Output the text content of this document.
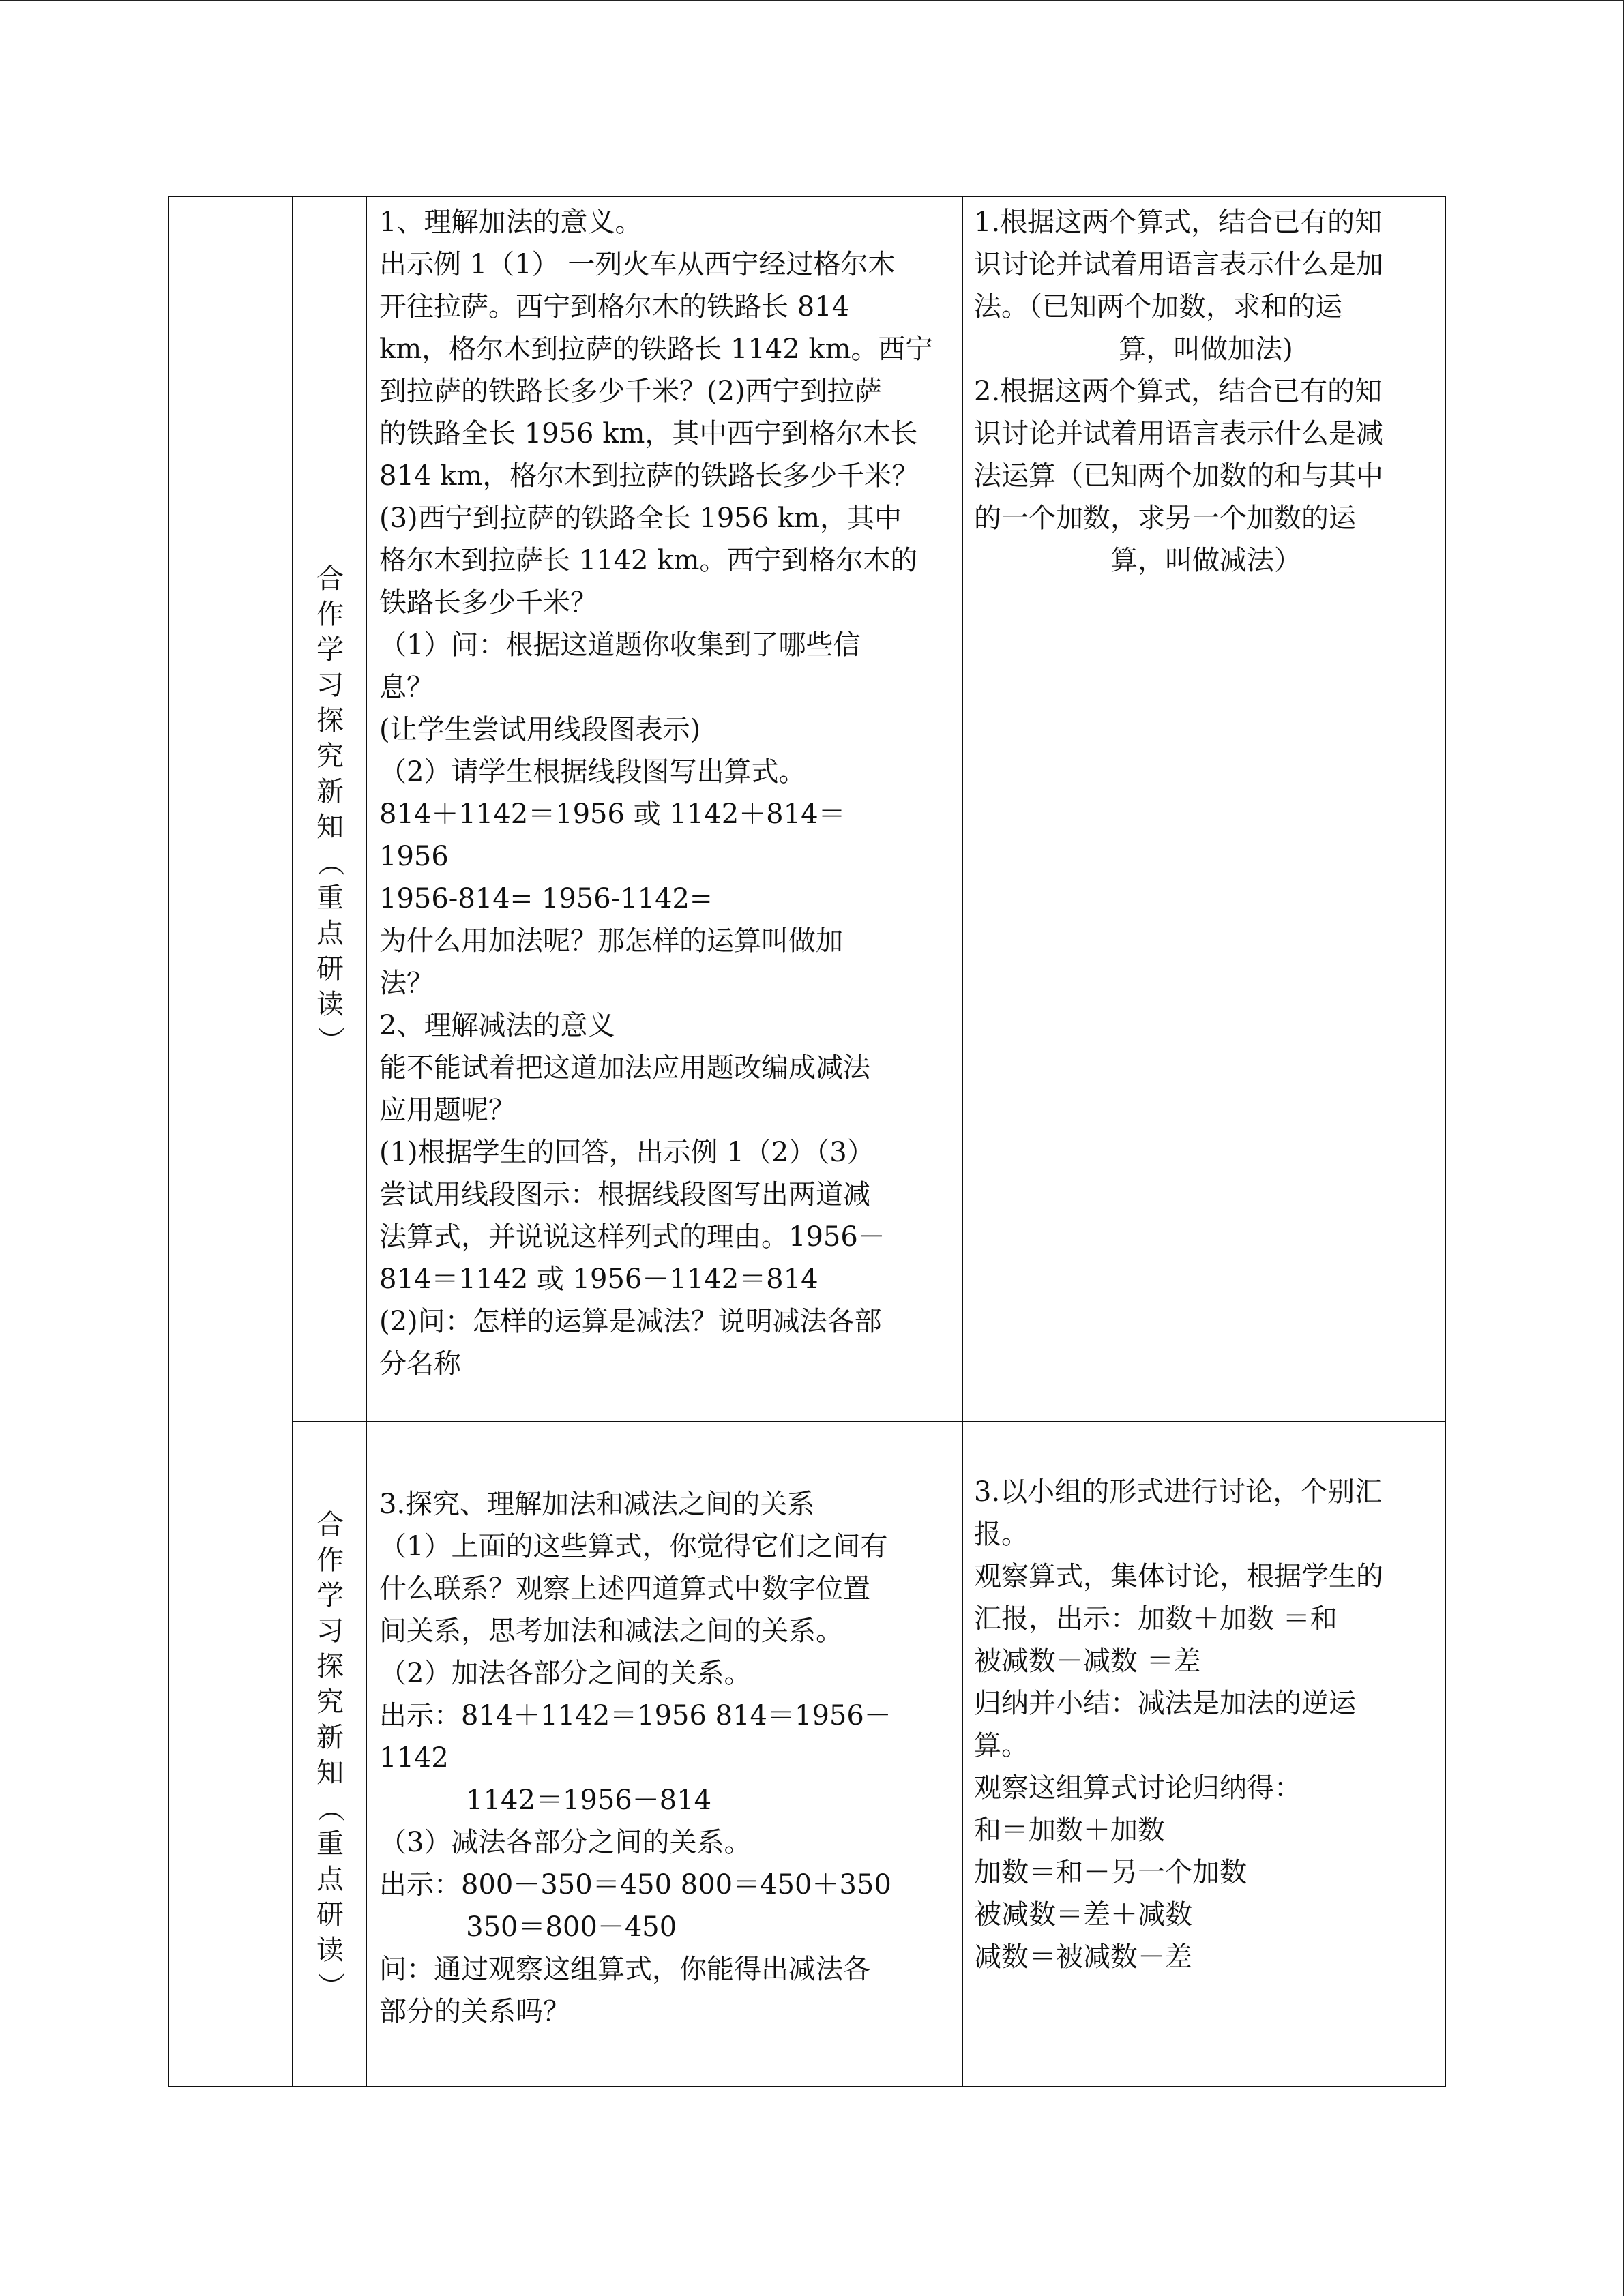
合
作
学
习
探
究
新
知
（
重
点
研
读
）
合
作
学
习
探
究
新
知
（
重
点
研
读
）

1、理解加法的意义。

出示例 1（1） 一列火车从西宁经过格尔木

开往拉萨。西宁到格尔木的铁路长 814

km，格尔木到拉萨的铁路长 1142 km。西宁

到拉萨的铁路长多少千米？(2)西宁到拉萨

的铁路全长 1956 km，其中西宁到格尔木长

814 km，格尔木到拉萨的铁路长多少千米？

(3)西宁到拉萨的铁路全长 1956 km，其中

格尔木到拉萨长 1142 km。西宁到格尔木的

铁路长多少千米？

（1）问：根据这道题你收集到了哪些信

息？

(让学生尝试用线段图表示)

（2）请学生根据线段图写出算式。

814＋1142＝1956 或 1142＋814＝

1956

1956-814= 1956-1142=

为什么用加法呢？那怎样的运算叫做加

法？

2、理解减法的意义

能不能试着把这道加法应用题改编成减法

应用题呢？

(1)根据学生的回答，出示例 1（2）（3）

尝试用线段图示：根据线段图写出两道减

法算式，并说说这样列式的理由。1956－

814＝1142 或 1956－1142＝814

(2)问：怎样的运算是减法？说明减法各部

分名称

1.根据这两个算式，结合已有的知

识讨论并试着用语言表示什么是加

法。（已知两个加数，求和的运

算，叫做加法)

2.根据这两个算式，结合已有的知

识讨论并试着用语言表示什么是减

法运算（已知两个加数的和与其中

的一个加数，求另一个加数的运

算，叫做减法）

3.探究、理解加法和减法之间的关系

（1）上面的这些算式，你觉得它们之间有

什么联系？观察上述四道算式中数字位置

间关系，思考加法和减法之间的关系。

（2）加法各部分之间的关系。

出示：814＋1142＝1956 814＝1956－

1142

1142＝1956－814

（3）减法各部分之间的关系。

出示：800－350＝450 800＝450＋350

350＝800－450

问：通过观察这组算式，你能得出减法各

部分的关系吗？

3.以小组的形式进行讨论，个别汇

报。

观察算式，集体讨论，根据学生的

汇报，出示：加数＋加数 ＝和

被减数－减数 ＝差

归纳并小结：减法是加法的逆运

算。

观察这组算式讨论归纳得：

和＝加数＋加数

加数＝和－另一个加数

被减数＝差＋减数

减数＝被减数－差
